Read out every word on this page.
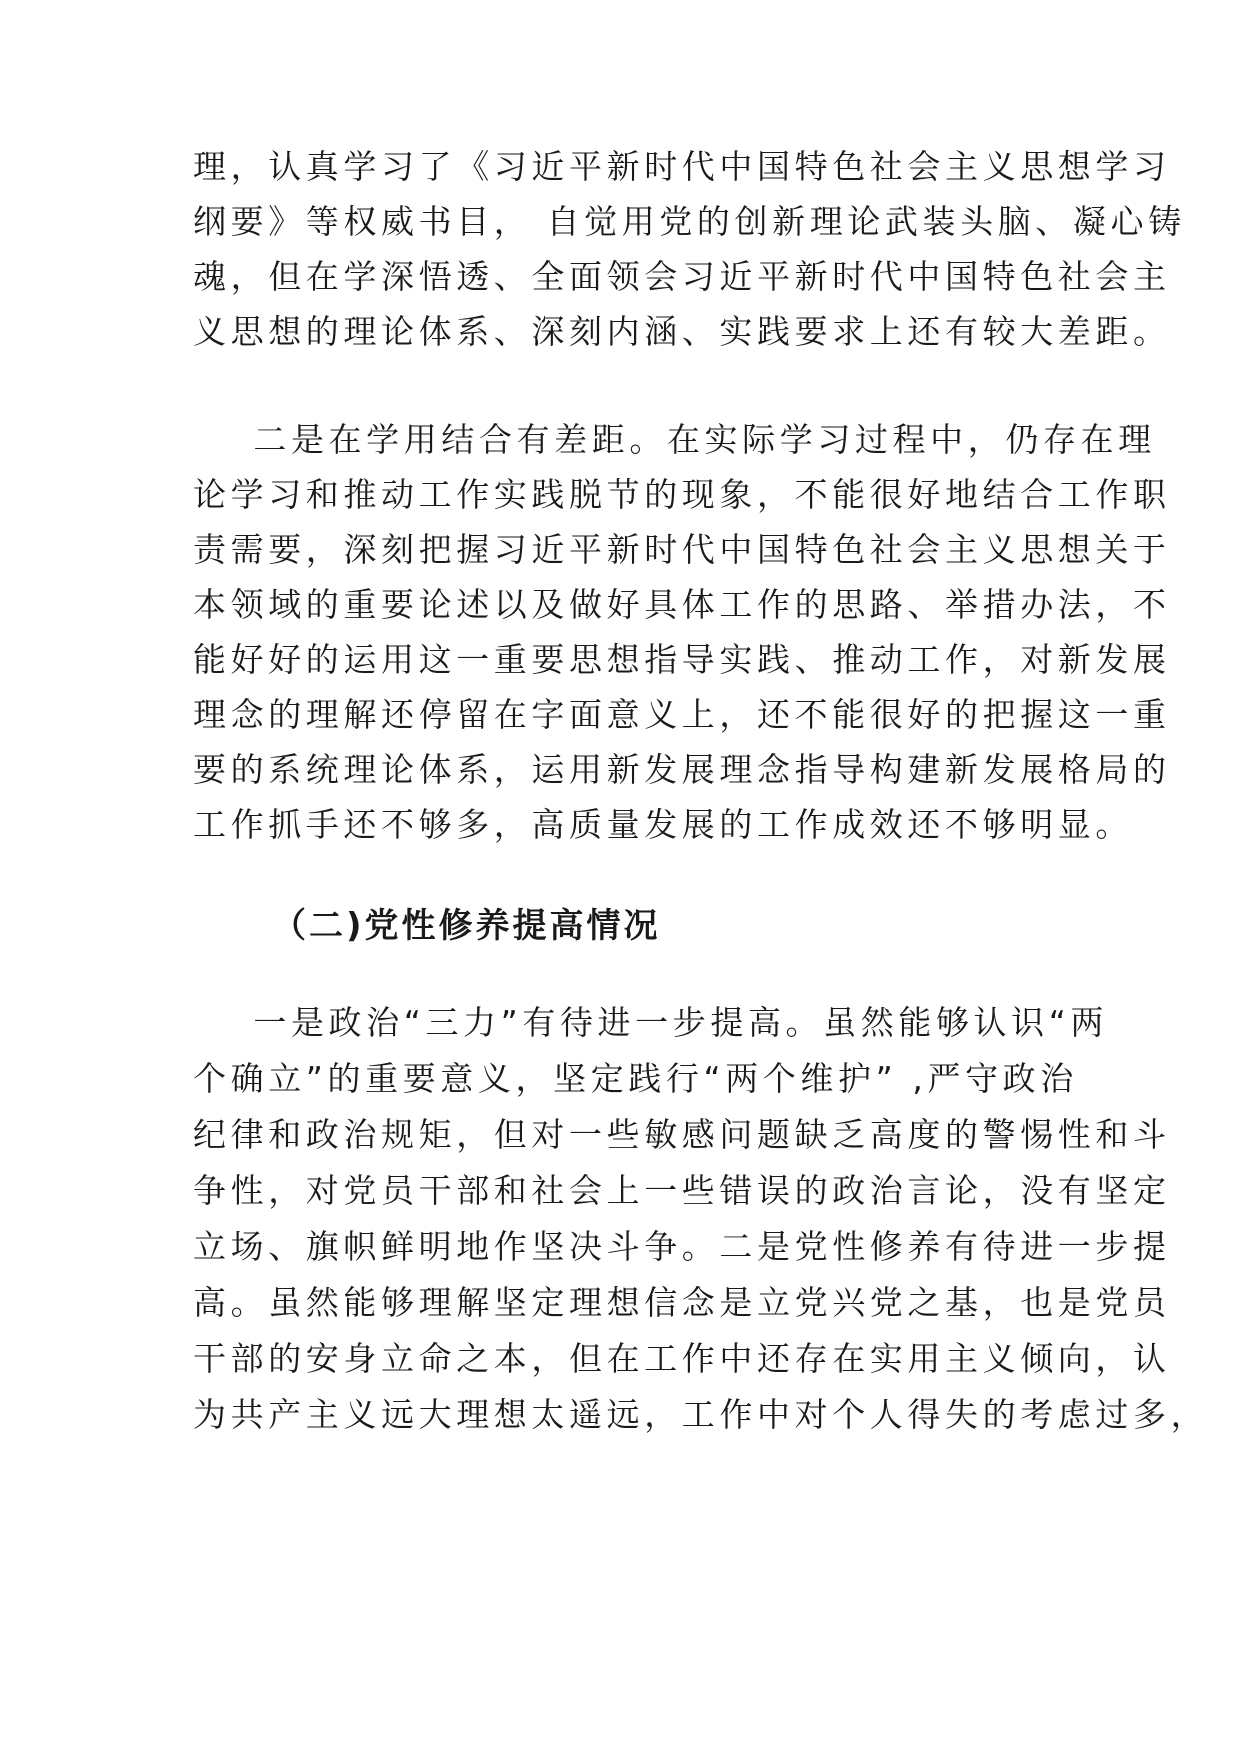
理，认真学习了《习近平新时代中国特色社会主义思想学习
纲要》等权威书目， 自觉用党的创新理论武装头脑、凝心铸
魂，但在学深悟透、全面领会习近平新时代中国特色社会主
义思想的理论体系、深刻内涵、实践要求上还有较大差距。
二是在学用结合有差距。在实际学习过程中，仍存在理
论学习和推动工作实践脱节的现象，不能很好地结合工作职
责需要，深刻把握习近平新时代中国特色社会主义思想关于
本领域的重要论述以及做好具体工作的思路、举措办法，不
能好好的运用这一重要思想指导实践、推动工作，对新发展
理念的理解还停留在字面意义上，还不能很好的把握这一重
要的系统理论体系，运用新发展理念指导构建新发展格局的
工作抓手还不够多，高质量发展的工作成效还不够明显。
（二)党性修养提高情况
一是政治“三力”有待进一步提高。虽然能够认识“两
个确立”的重要意义，坚定践行“两个维护” ,严守政治
纪律和政治规矩，但对一些敏感问题缺乏高度的警惕性和斗
争性，对党员干部和社会上一些错误的政治言论，没有坚定
立场、旗帜鲜明地作坚决斗争。二是党性修养有待进一步提
高。虽然能够理解坚定理想信念是立党兴党之基，也是党员
干部的安身立命之本，但在工作中还存在实用主义倾向，认
为共产主义远大理想太遥远，工作中对个人得失的考虑过多，
